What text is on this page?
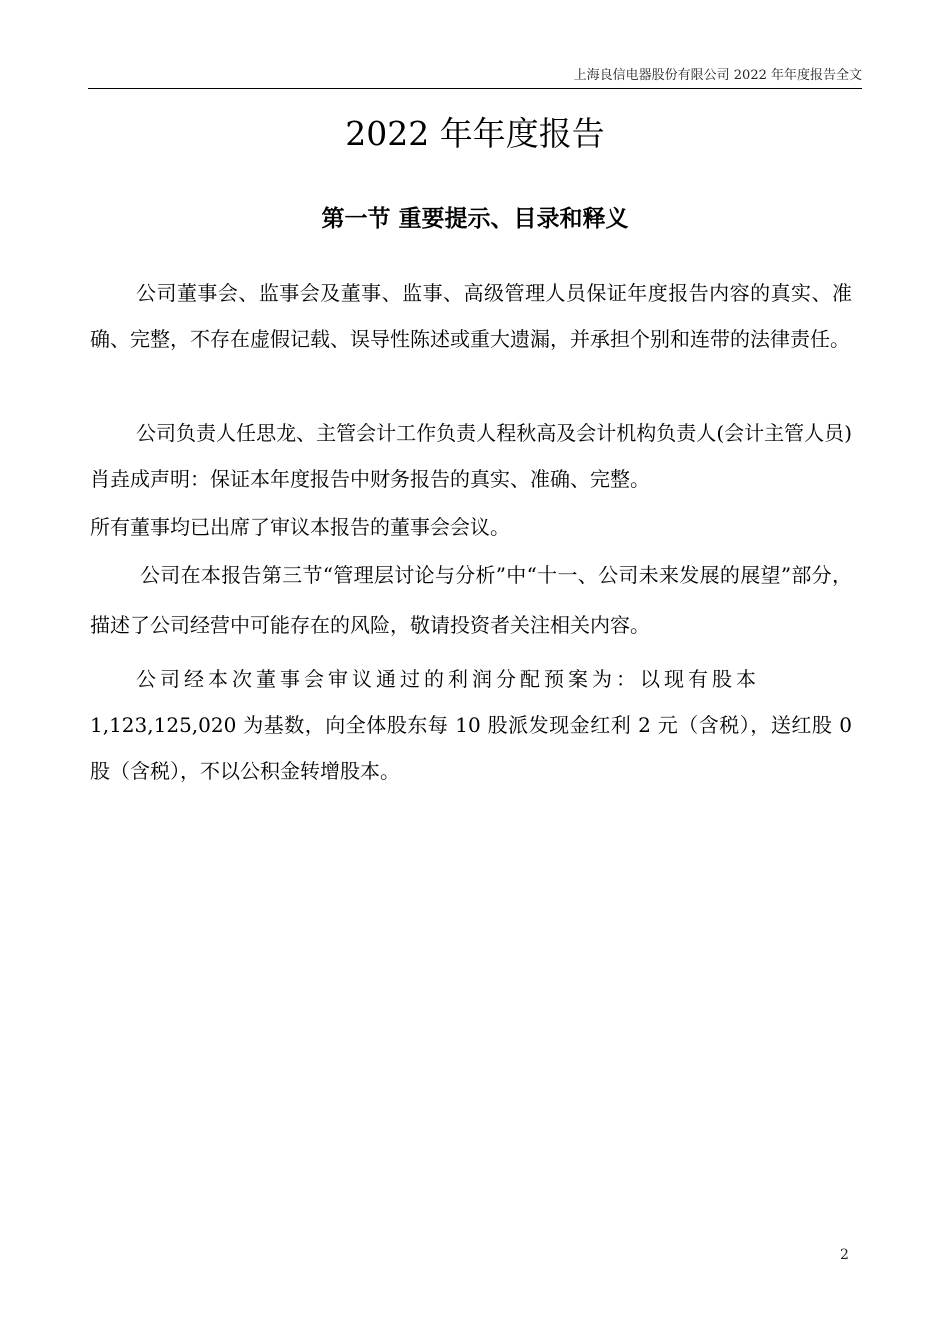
上海良信电器股份有限公司 2022 年年度报告全文
2022 年年度报告
第一节 重要提示、目录和释义

公司董事会、监事会及董事、监事、高级管理人员保证年度报告内容的真实、准确、完整，不存在虚假记载、误导性陈述或重大遗漏，并承担个别和连带的法律责任。

公司负责人任思龙、主管会计工作负责人程秋高及会计机构负责人(会计主管人员)肖垚成声明：保证本年度报告中财务报告的真实、准确、完整。

所有董事均已出席了审议本报告的董事会会议。

公司在本报告第三节“管理层讨论与分析”中“十一、公司未来发展的展望”部分，描述了公司经营中可能存在的风险，敬请投资者关注相关内容。

公司经本次董事会审议通过的利润分配预案为：以现有股本

1,123,125,020 为基数，向全体股东每 10 股派发现金红利 2 元（含税），送红股 0 股（含税），不以公积金转增股本。

2
